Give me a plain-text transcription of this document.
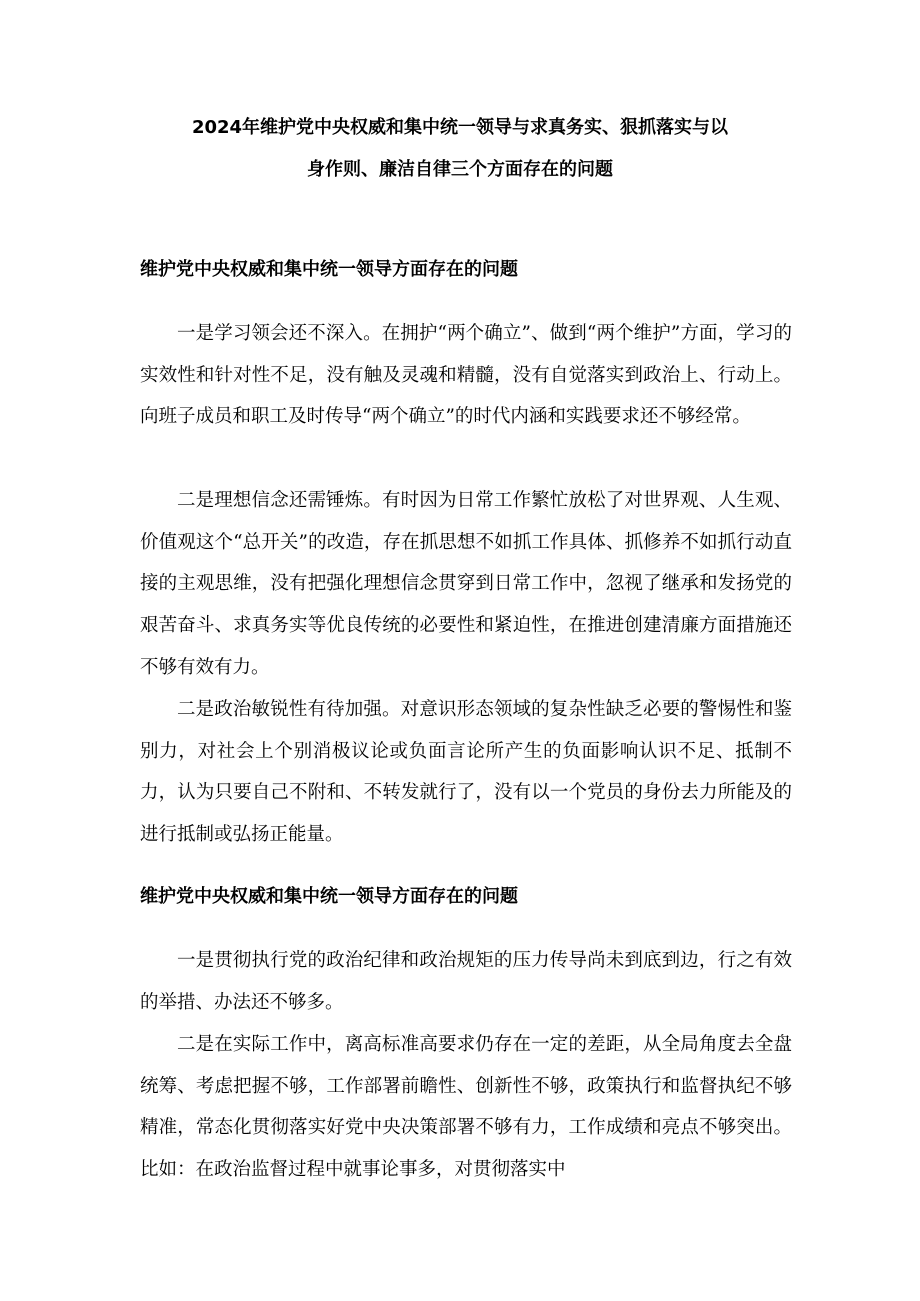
2024年维护党中央权威和集中统一领导与求真务实、狠抓落实与以
身作则、廉洁自律三个方面存在的问题
维护党中央权威和集中统一领导方面存在的问题

一是学习领会还不深入。在拥护“两个确立”、做到“两个维护”方面，学习的实效性和针对性不足，没有触及灵魂和精髓，没有自觉落实到政治上、行动上。向班子成员和职工及时传导“两个确立”的时代内涵和实践要求还不够经常。

二是理想信念还需锤炼。有时因为日常工作繁忙放松了对世界观、人生观、价值观这个“总开关”的改造，存在抓思想不如抓工作具体、抓修养不如抓行动直接的主观思维，没有把强化理想信念贯穿到日常工作中，忽视了继承和发扬党的艰苦奋斗、求真务实等优良传统的必要性和紧迫性，在推进创建清廉方面措施还不够有效有力。

二是政治敏锐性有待加强。对意识形态领域的复杂性缺乏必要的警惕性和鉴别力，对社会上个别消极议论或负面言论所产生的负面影响认识不足、抵制不力，认为只要自己不附和、不转发就行了，没有以一个党员的身份去力所能及的进行抵制或弘扬正能量。

维护党中央权威和集中统一领导方面存在的问题

一是贯彻执行党的政治纪律和政治规矩的压力传导尚未到底到边，行之有效的举措、办法还不够多。

二是在实际工作中，离高标准高要求仍存在一定的差距，从全局角度去全盘统筹、考虑把握不够，工作部署前瞻性、创新性不够，政策执行和监督执纪不够精准，常态化贯彻落实好党中央决策部署不够有力，工作成绩和亮点不够突出。比如：在政治监督过程中就事论事多，对贯彻落实中
